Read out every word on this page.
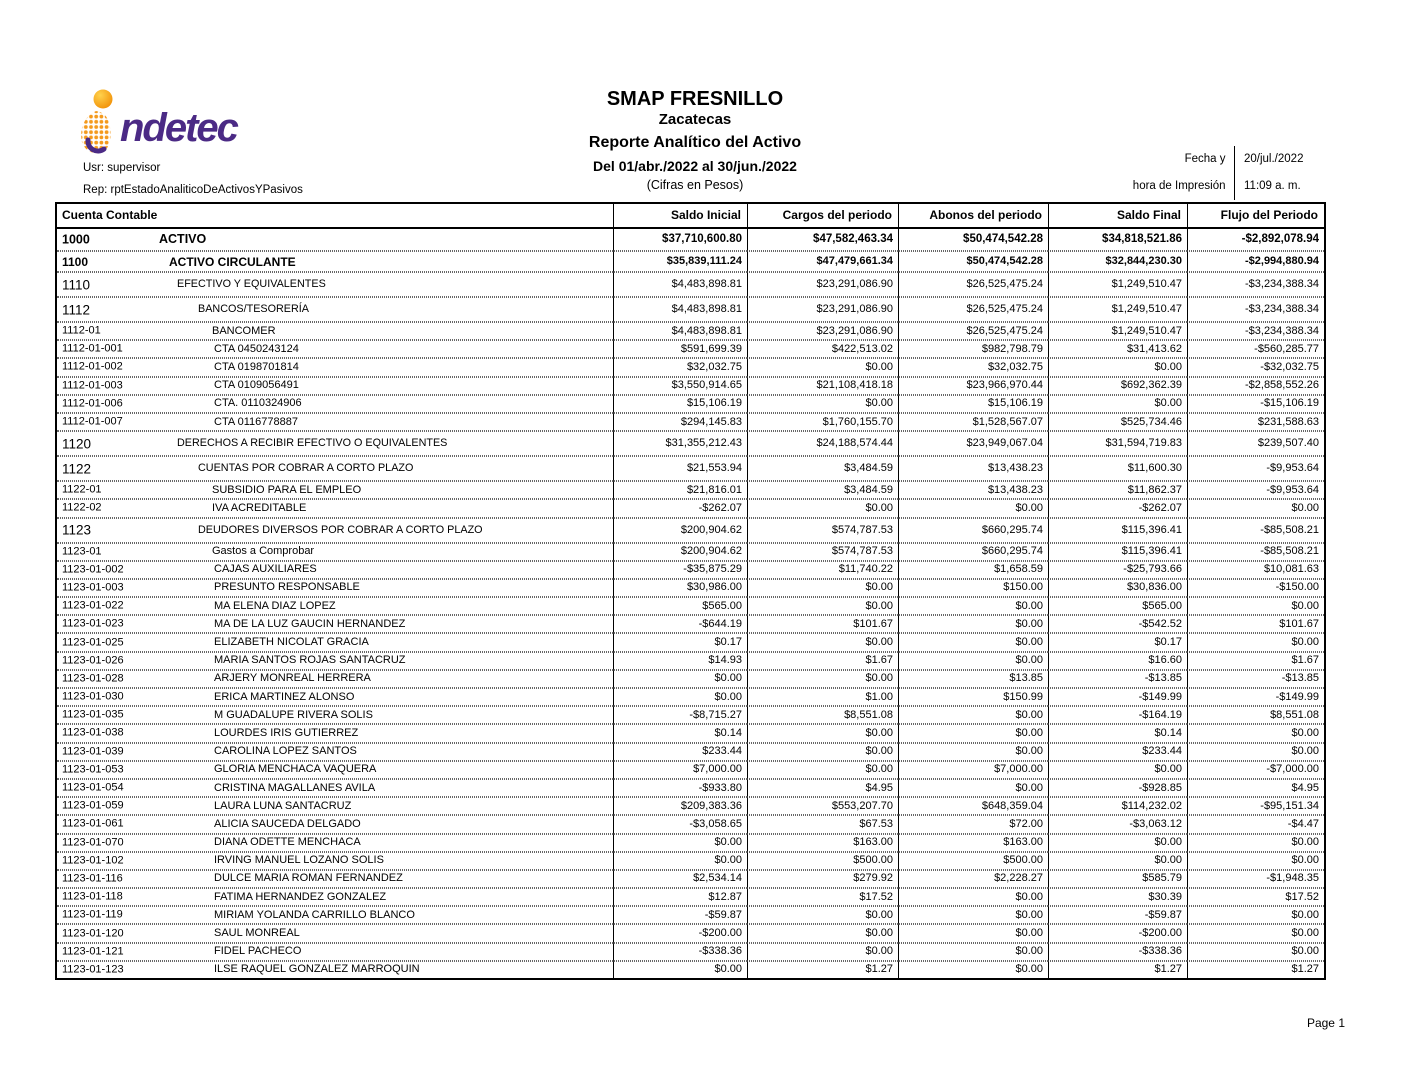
ndetec
Usr: supervisor
Rep: rptEstadoAnaliticoDeActivosYPasivos
SMAP FRESNILLO
Zacatecas
Reporte Analítico del Activo
Del 01/abr./2022 al 30/jun./2022
(Cifras en Pesos)
Fecha y
hora de Impresión
20/jul./2022
11:09 a. m.
Cuenta Contable	Saldo Inicial	Cargos del periodo	Abonos del periodo	Saldo Final	Flujo del Periodo

1000 ACTIVO	$37,710,600.80	$47,582,463.34	$50,474,542.28	$34,818,521.86	-$2,892,078.94

1100 ACTIVO CIRCULANTE	$35,839,111.24	$47,479,661.34	$50,474,542.28	$32,844,230.30	-$2,994,880.94

1110 EFECTIVO Y EQUIVALENTES	$4,483,898.81	$23,291,086.90	$26,525,475.24	$1,249,510.47	-$3,234,388.34

1112 BANCOS/TESORERÍA	$4,483,898.81	$23,291,086.90	$26,525,475.24	$1,249,510.47	-$3,234,388.34

1112-01 BANCOMER	$4,483,898.81	$23,291,086.90	$26,525,475.24	$1,249,510.47	-$3,234,388.34

1112-01-001 CTA 0450243124	$591,699.39	$422,513.02	$982,798.79	$31,413.62	-$560,285.77

1112-01-002 CTA 0198701814	$32,032.75	$0.00	$32,032.75	$0.00	-$32,032.75

1112-01-003 CTA 0109056491	$3,550,914.65	$21,108,418.18	$23,966,970.44	$692,362.39	-$2,858,552.26

1112-01-006 CTA. 0110324906	$15,106.19	$0.00	$15,106.19	$0.00	-$15,106.19

1112-01-007 CTA 0116778887	$294,145.83	$1,760,155.70	$1,528,567.07	$525,734.46	$231,588.63

1120 DERECHOS A RECIBIR EFECTIVO O EQUIVALENTES	$31,355,212.43	$24,188,574.44	$23,949,067.04	$31,594,719.83	$239,507.40

1122 CUENTAS POR COBRAR A CORTO PLAZO	$21,553.94	$3,484.59	$13,438.23	$11,600.30	-$9,953.64

1122-01 SUBSIDIO PARA EL EMPLEO	$21,816.01	$3,484.59	$13,438.23	$11,862.37	-$9,953.64

1122-02 IVA ACREDITABLE	-$262.07	$0.00	$0.00	-$262.07	$0.00

1123 DEUDORES DIVERSOS POR COBRAR A CORTO PLAZO	$200,904.62	$574,787.53	$660,295.74	$115,396.41	-$85,508.21

1123-01 Gastos a Comprobar	$200,904.62	$574,787.53	$660,295.74	$115,396.41	-$85,508.21

1123-01-002 CAJAS AUXILIARES	-$35,875.29	$11,740.22	$1,658.59	-$25,793.66	$10,081.63

1123-01-003 PRESUNTO RESPONSABLE	$30,986.00	$0.00	$150.00	$30,836.00	-$150.00

1123-01-022 MA ELENA DIAZ LOPEZ	$565.00	$0.00	$0.00	$565.00	$0.00

1123-01-023 MA DE LA LUZ GAUCIN HERNANDEZ	-$644.19	$101.67	$0.00	-$542.52	$101.67

1123-01-025 ELIZABETH NICOLAT GRACIA	$0.17	$0.00	$0.00	$0.17	$0.00

1123-01-026 MARIA SANTOS ROJAS SANTACRUZ	$14.93	$1.67	$0.00	$16.60	$1.67

1123-01-028 ARJERY MONREAL HERRERA	$0.00	$0.00	$13.85	-$13.85	-$13.85

1123-01-030 ERICA MARTINEZ ALONSO	$0.00	$1.00	$150.99	-$149.99	-$149.99

1123-01-035 M GUADALUPE RIVERA SOLIS	-$8,715.27	$8,551.08	$0.00	-$164.19	$8,551.08

1123-01-038 LOURDES IRIS GUTIERREZ	$0.14	$0.00	$0.00	$0.14	$0.00

1123-01-039 CAROLINA LOPEZ SANTOS	$233.44	$0.00	$0.00	$233.44	$0.00

1123-01-053 GLORIA MENCHACA VAQUERA	$7,000.00	$0.00	$7,000.00	$0.00	-$7,000.00

1123-01-054 CRISTINA MAGALLANES AVILA	-$933.80	$4.95	$0.00	-$928.85	$4.95

1123-01-059 LAURA LUNA SANTACRUZ	$209,383.36	$553,207.70	$648,359.04	$114,232.02	-$95,151.34

1123-01-061 ALICIA SAUCEDA DELGADO	-$3,058.65	$67.53	$72.00	-$3,063.12	-$4.47

1123-01-070 DIANA ODETTE MENCHACA	$0.00	$163.00	$163.00	$0.00	$0.00

1123-01-102 IRVING MANUEL LOZANO SOLIS	$0.00	$500.00	$500.00	$0.00	$0.00

1123-01-116 DULCE MARIA ROMAN FERNANDEZ	$2,534.14	$279.92	$2,228.27	$585.79	-$1,948.35

1123-01-118 FATIMA HERNANDEZ GONZALEZ	$12.87	$17.52	$0.00	$30.39	$17.52

1123-01-119 MIRIAM YOLANDA CARRILLO BLANCO	-$59.87	$0.00	$0.00	-$59.87	$0.00

1123-01-120 SAUL MONREAL	-$200.00	$0.00	$0.00	-$200.00	$0.00

1123-01-121 FIDEL PACHECO	-$338.36	$0.00	$0.00	-$338.36	$0.00

1123-01-123 ILSE RAQUEL GONZALEZ MARROQUIN	$0.00	$1.27	$0.00	$1.27	$1.27
Page 1
